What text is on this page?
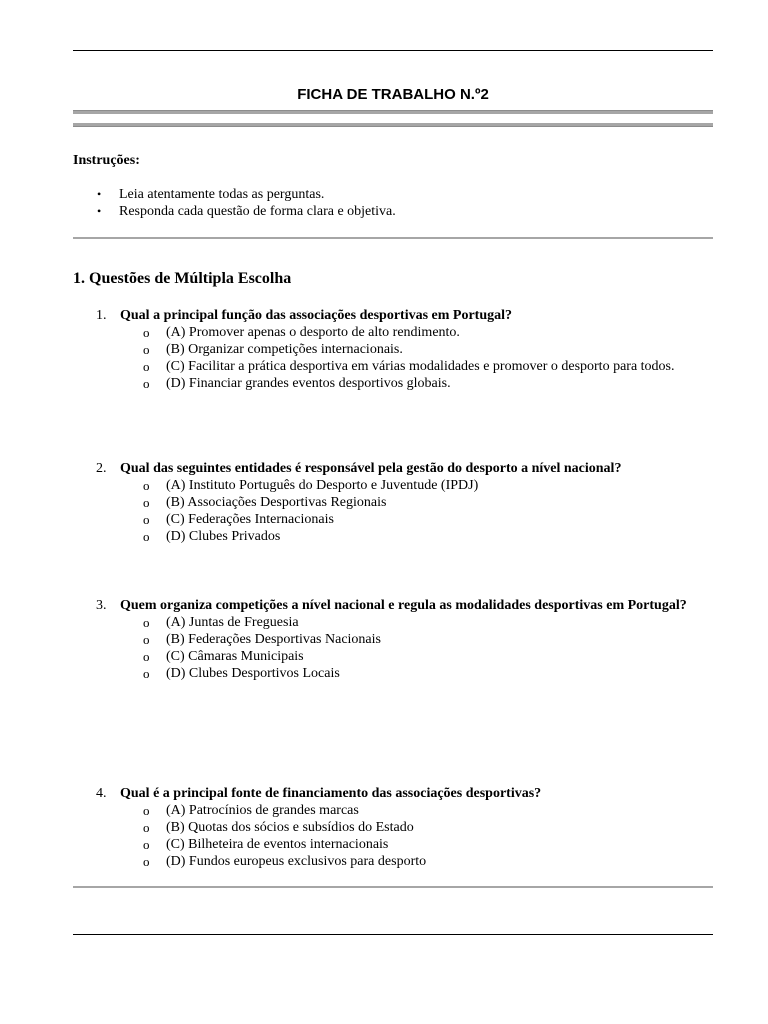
FICHA DE TRABALHO N.º2
Instruções:
• Leia atentamente todas as perguntas.
• Responda cada questão de forma clara e objetiva.
1. Questões de Múltipla Escolha
1. Qual a principal função das associações desportivas em Portugal?
o (A) Promover apenas o desporto de alto rendimento.
o (B) Organizar competições internacionais.
o (C) Facilitar a prática desportiva em várias modalidades e promover o desporto para todos.
o (D) Financiar grandes eventos desportivos globais.
2. Qual das seguintes entidades é responsável pela gestão do desporto a nível nacional?
o (A) Instituto Português do Desporto e Juventude (IPDJ)
o (B) Associações Desportivas Regionais
o (C) Federações Internacionais
o (D) Clubes Privados
3. Quem organiza competições a nível nacional e regula as modalidades desportivas em Portugal?
o (A) Juntas de Freguesia
o (B) Federações Desportivas Nacionais
o (C) Câmaras Municipais
o (D) Clubes Desportivos Locais
4. Qual é a principal fonte de financiamento das associações desportivas?
o (A) Patrocínios de grandes marcas
o (B) Quotas dos sócios e subsídios do Estado
o (C) Bilheteira de eventos internacionais
o (D) Fundos europeus exclusivos para desporto
